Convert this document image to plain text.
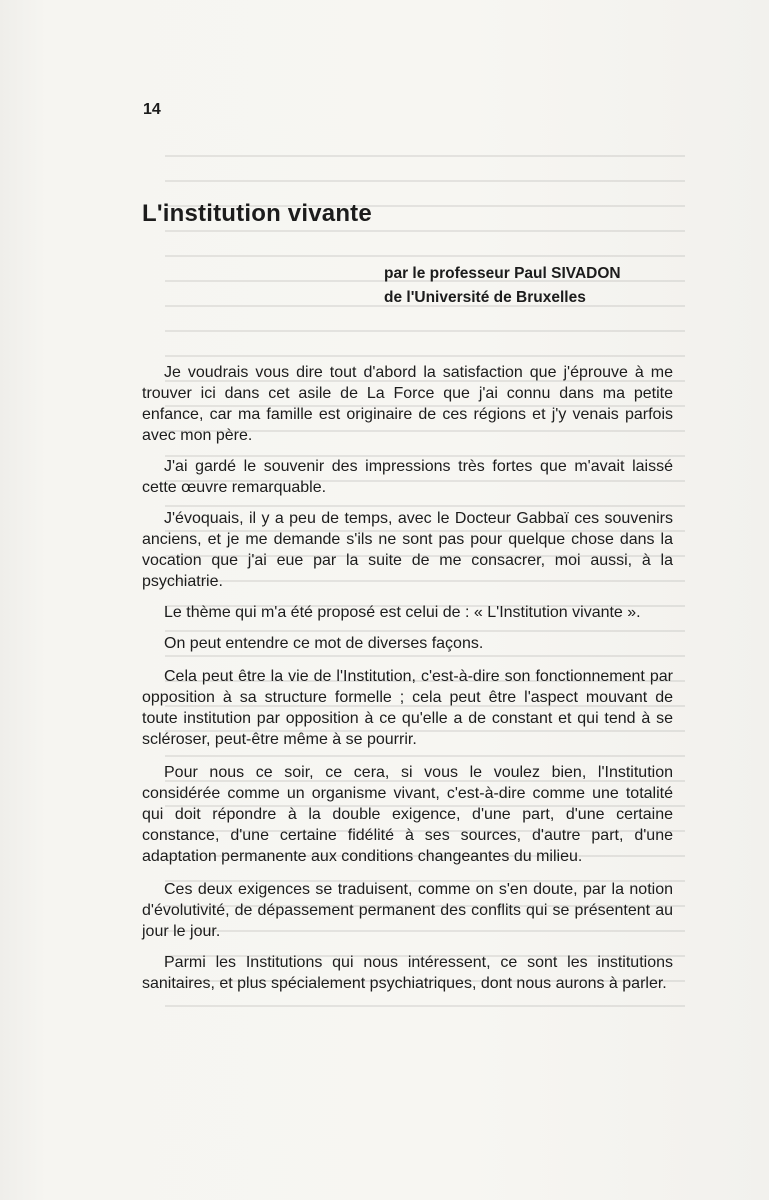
14
L'institution vivante
par le professeur Paul SIVADON
de l'Université de Bruxelles

Je voudrais vous dire tout d'abord la satisfaction que j'éprouve à me trouver ici dans cet asile de La Force que j'ai connu dans ma petite enfance, car ma famille est originaire de ces régions et j'y venais parfois avec mon père.

J'ai gardé le souvenir des impressions très fortes que m'avait laissé cette œuvre remarquable.

J'évoquais, il y a peu de temps, avec le Docteur Gabbaï ces souvenirs anciens, et je me demande s'ils ne sont pas pour quelque chose dans la vocation que j'ai eue par la suite de me consacrer, moi aussi, à la psychiatrie.

Le thème qui m'a été proposé est celui de : « L'Institution vivante ».

On peut entendre ce mot de diverses façons.

Cela peut être la vie de l'Institution, c'est-à-dire son fonctionnement par opposition à sa structure formelle ; cela peut être l'aspect mouvant de toute institution par opposition à ce qu'elle a de constant et qui tend à se scléroser, peut-être même à se pourrir.

Pour nous ce soir, ce cera, si vous le voulez bien, l'Institution considérée comme un organisme vivant, c'est-à-dire comme une totalité qui doit répondre à la double exigence, d'une part, d'une certaine constance, d'une certaine fidélité à ses sources, d'autre part, d'une adaptation permanente aux conditions changeantes du milieu.

Ces deux exigences se traduisent, comme on s'en doute, par la notion d'évolutivité, de dépassement permanent des conflits qui se présentent au jour le jour.

Parmi les Institutions qui nous intéressent, ce sont les institutions sanitaires, et plus spécialement psychiatriques, dont nous aurons à parler.
